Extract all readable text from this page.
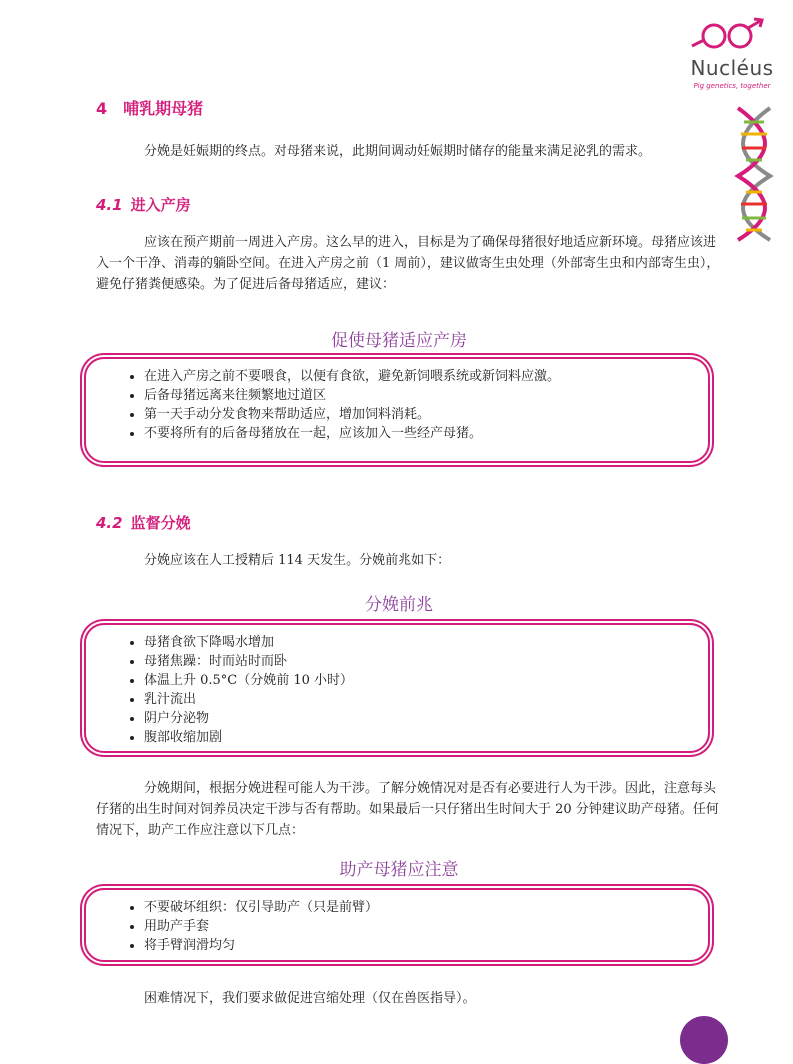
Nucléus
Pig genetics, together
4 哺乳期母猪
分娩是妊娠期的终点。对母猪来说，此期间调动妊娠期时储存的能量来满足泌乳的需求。
4.1 进入产房
应该在预产期前一周进入产房。这么早的进入，目标是为了确保母猪很好地适应新环境。母猪应该进入一个干净、消毒的躺卧空间。在进入产房之前（1 周前），建议做寄生虫处理（外部寄生虫和内部寄生虫），避免仔猪粪便感染。为了促进后备母猪适应，建议：
促使母猪适应产房
• 在进入产房之前不要喂食，以便有食欲，避免新饲喂系统或新饲料应激。
• 后备母猪远离来往频繁地过道区
• 第一天手动分发食物来帮助适应，增加饲料消耗。
• 不要将所有的后备母猪放在一起，应该加入一些经产母猪。
4.2 监督分娩
分娩应该在人工授精后 114 天发生。分娩前兆如下：
分娩前兆
• 母猪食欲下降喝水增加
• 母猪焦躁：时而站时而卧
• 体温上升 0.5°C（分娩前 10 小时）
• 乳汁流出
• 阴户分泌物
• 腹部收缩加剧
分娩期间，根据分娩进程可能人为干涉。了解分娩情况对是否有必要进行人为干涉。因此，注意每头仔猪的出生时间对饲养员决定干涉与否有帮助。如果最后一只仔猪出生时间大于 20 分钟建议助产母猪。任何情况下，助产工作应注意以下几点：
助产母猪应注意
• 不要破坏组织：仅引导助产（只是前臂）
• 用助产手套
• 将手臂润滑均匀
困难情况下，我们要求做促进宫缩处理（仅在兽医指导）。
